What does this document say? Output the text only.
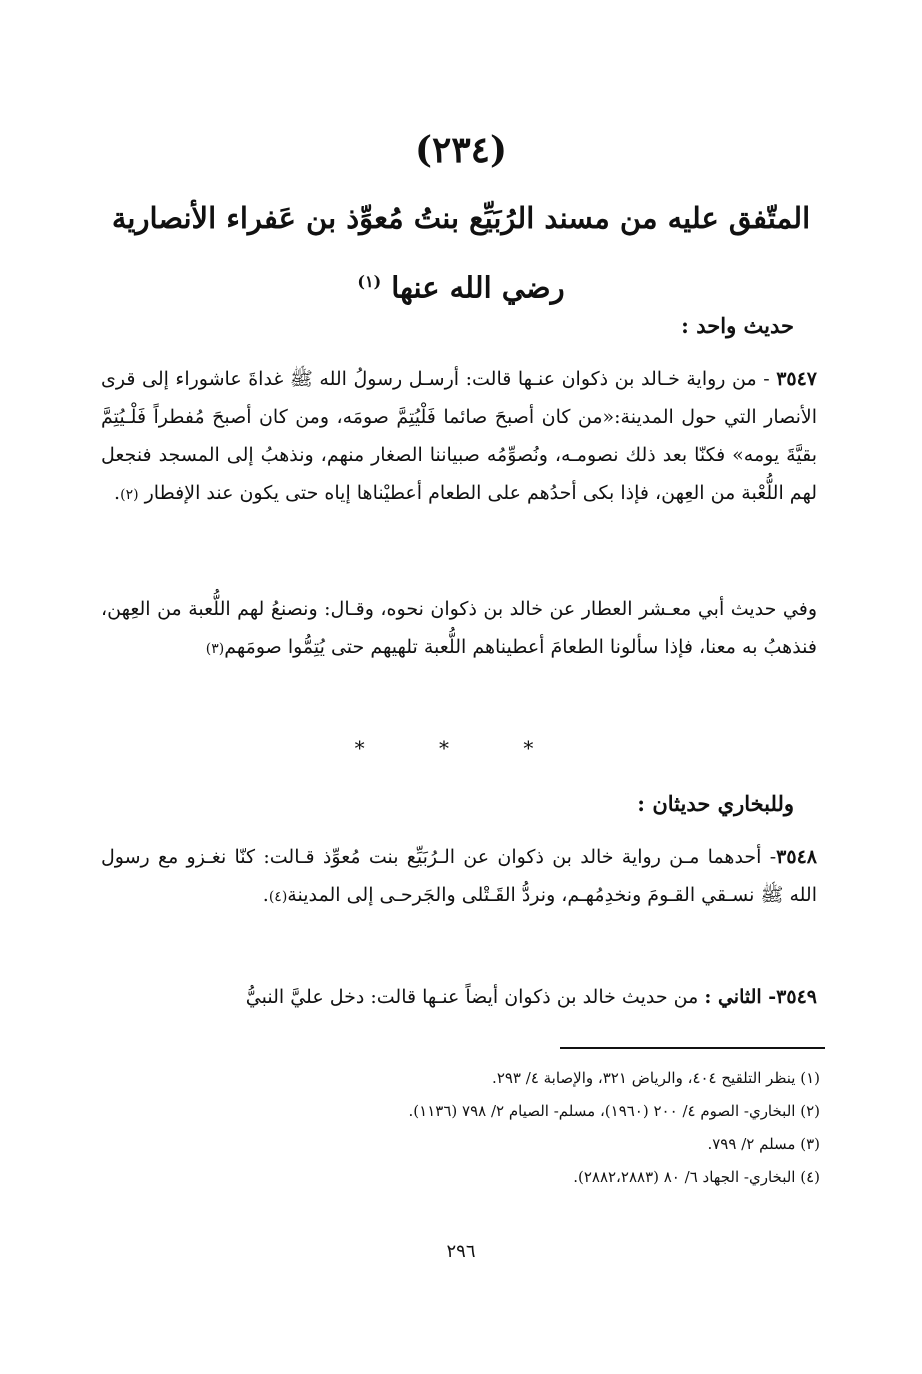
(٢٣٤)
المتّفق عليه من مسند الرُبَيِّع بنتُ مُعوِّذ بن عَفراء الأنصارية
رضي الله عنها $^{(١)}$
حديث واحد :
٣٥٤٧ - من رواية خـالد بن ذكوان عنـها قالت: أرسـل رسولُ الله ﷺ غداةَ عاشوراء إلى قرى الأنصار التي حول المدينة:«من كان أصبحَ صائما فَلْيُتِمَّ صومَه، ومن كان أصبحَ مُفطراً فَلْـيُتِمَّ بقيَّةَ يومه» فكنّا بعد ذلك نصومـه، ونُصوِّمُه صبياننا الصغار منهم، ونذهبُ إلى المسجد فنجعل لهم اللُّعْبة من العِهن، فإذا بكى أحدُهم على الطعام أعطيْناها إياه حتى يكون عند الإفطار (٢).
وفي حديث أبي معـشر العطار عن خالد بن ذكوان نحوه، وقـال: ونصنعُ لهم اللُّعبة من العِهن، فنذهبُ به معنا، فإذا سألونا الطعامَ أعطيناهم اللُّعبة تلهيهم حتى يُتِمُّوا صومَهم(٣)
* * *
وللبخاري حديثان :
٣٥٤٨- أحدهما مـن رواية خالد بن ذكوان عن الـرُبَيِّع بنت مُعوِّذ قـالت: كنّا نغـزو مع رسول الله ﷺ نسـقي القـومَ ونخدِمُهـم، ونردُّ القَـتْلى والجَرحـى إلى المدينة(٤).
٣٥٤٩- الثاني : من حديث خالد بن ذكوان أيضاً عنـها قالت: دخل عليَّ النبيُّ
(١) ينظر التلقيح ٤٠٤، والرياض ٣٢١، والإصابة ٤/ ٢٩٣.
(٢) البخاري- الصوم ٤/ ٢٠٠ (١٩٦٠)، مسلم- الصيام ٢/ ٧٩٨ (١١٣٦).
(٣) مسلم ٢/ ٧٩٩.
(٤) البخاري- الجهاد ٦/ ٨٠ (٢٨٨٢،٢٨٨٣).
٢٩٦
